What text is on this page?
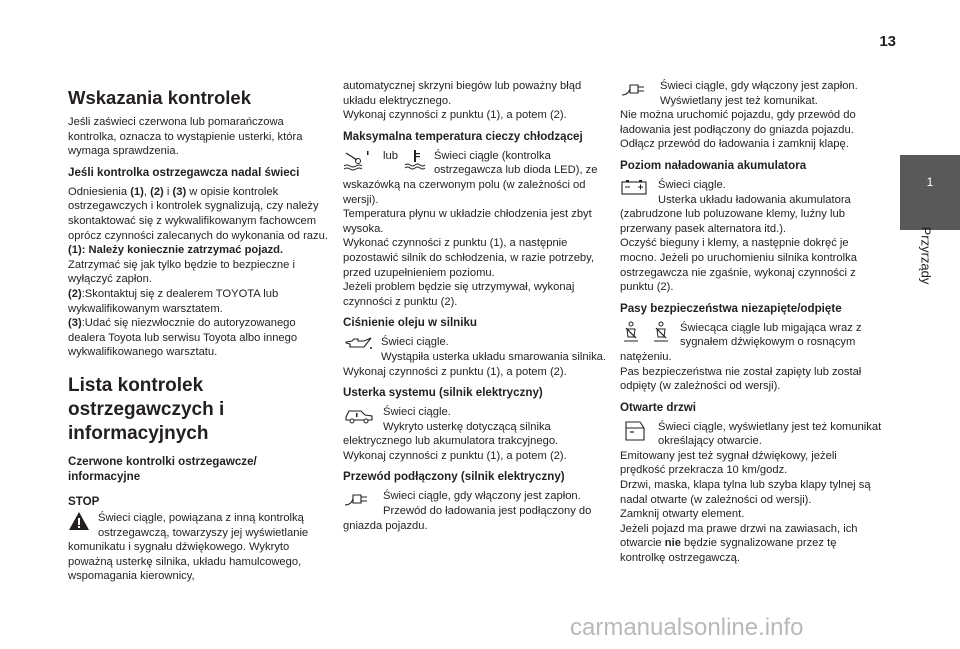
13
1
Przyrządy
Wskazania kontrolek

Jeśli zaświeci czerwona lub pomarańczowa kontrolka, oznacza to wystąpienie usterki, która wymaga sprawdzenia.

Jeśli kontrolka ostrzegawcza nadal świeci

Odniesienia (1), (2) i (3) w opisie kontrolek ostrzegawczych i kontrolek sygnalizują, czy należy skontaktować się z wykwalifikowanym fachowcem oprócz czynności zalecanych do wykonania od razu.
(1): Należy koniecznie zatrzymać pojazd.
Zatrzymać się jak tylko będzie to bezpieczne i wyłączyć zapłon.
(2):Skontaktuj się z dealerem TOYOTA lub wykwalifikowanym warsztatem.
(3):Udać się niezwłocznie do autoryzowanego dealera Toyota lub serwisu Toyota albo innego wykwalifikowanego warsztatu.

Lista kontrolek ostrzegawczych i informacyjnych
Czerwone kontrolki ostrzegawcze/ informacyjne
STOP

Świeci ciągle, powiązana z inną kontrolką ostrzegawczą, towarzyszy jej wyświetlanie komunikatu i sygnału dźwiękowego. Wykryto poważną usterkę silnika, układu hamulcowego, wspomagania kierownicy,

automatycznej skrzyni biegów lub poważny błąd układu elektrycznego.
Wykonaj czynności z punktu (1), a potem (2).

Maksymalna temperatura cieczy chłodzącej

lub	Świeci ciągle (kontrolka ostrzegawcza lub dioda LED), ze wskazówką na czerwonym polu (w zależności od wersji).
Temperatura płynu w układzie chłodzenia jest zbyt wysoka.
Wykonać czynności z punktu (1), a następnie pozostawić silnik do schłodzenia, w razie potrzeby, przed uzupełnieniem poziomu.
Jeżeli problem będzie się utrzymywał, wykonaj czynności z punktu (2).

Ciśnienie oleju w silniku

Świeci ciągle.
Wystąpiła usterka układu smarowania silnika.
Wykonaj czynności z punktu (1), a potem (2).

Usterka systemu (silnik elektryczny)

Świeci ciągle.
Wykryto usterkę dotyczącą silnika elektrycznego lub akumulatora trakcyjnego.
Wykonaj czynności z punktu (1), a potem (2).

Przewód podłączony (silnik elektryczny)

Świeci ciągle, gdy włączony jest zapłon.
Przewód do ładowania jest podłączony do gniazda pojazdu.

Świeci ciągle, gdy włączony jest zapłon.
Wyświetlany jest też komunikat.
Nie można uruchomić pojazdu, gdy przewód do ładowania jest podłączony do gniazda pojazdu.
Odłącz przewód do ładowania i zamknij klapę.

Poziom naładowania akumulatora

Świeci ciągle.
Usterka układu ładowania akumulatora (zabrudzone lub poluzowane klemy, luźny lub przerwany pasek alternatora itd.).
Oczyść bieguny i klemy, a następnie dokręć je mocno. Jeżeli po uruchomieniu silnika kontrolka ostrzegawcza nie zgaśnie, wykonaj czynności z punktu (2).

Pasy bezpieczeństwa niezapięte/odpięte

Świecąca ciągle lub migająca wraz z sygnałem dźwiękowym o rosnącym natężeniu.
Pas bezpieczeństwa nie został zapięty lub został odpięty (w zależności od wersji).

Otwarte drzwi

Świeci ciągle, wyświetlany jest też komunikat określający otwarcie.
Emitowany jest też sygnał dźwiękowy, jeżeli prędkość przekracza 10 km/godz.
Drzwi, maska, klapa tylna lub szyba klapy tylnej są nadal otwarte (w zależności od wersji).
Zamknij otwarty element.
Jeżeli pojazd ma prawe drzwi na zawiasach, ich otwarcie nie będzie sygnalizowane przez tę kontrolkę ostrzegawczą.

carmanualsonline.info
